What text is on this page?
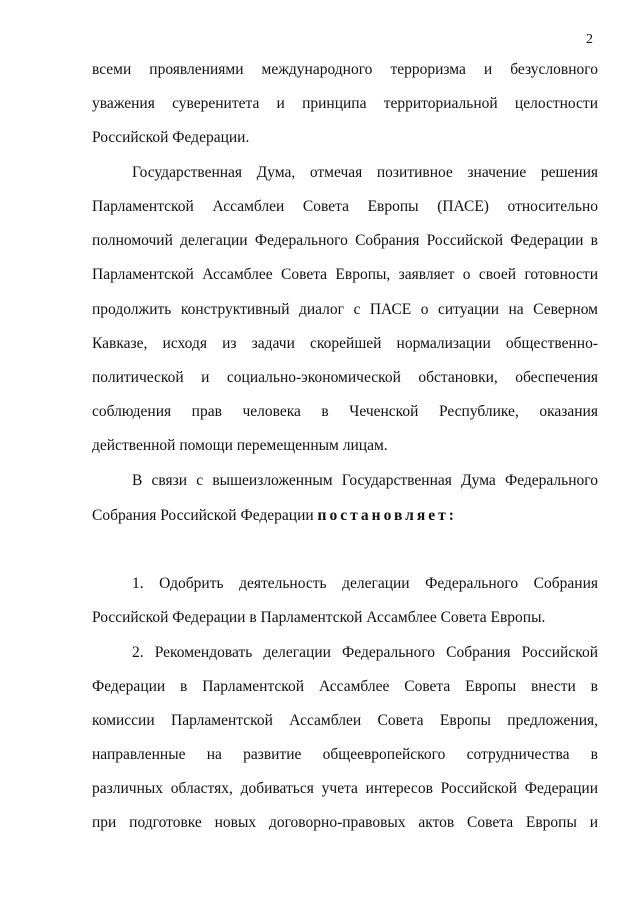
2
всеми проявлениями международного терроризма и безусловного
уважения суверенитета и принципа территориальной целостности
Российской Федерации.
Государственная Дума, отмечая позитивное значение решения
Парламентской Ассамблеи Совета Европы (ПАСЕ) относительно
полномочий делегации Федерального Собрания Российской Федерации в
Парламентской Ассамблее Совета Европы, заявляет о своей готовности
продолжить конструктивный диалог с ПАСЕ о ситуации на Северном
Кавказе, исходя из задачи скорейшей нормализации общественно-
политической и социально-экономической обстановки, обеспечения
соблюдения прав человека в Чеченской Республике, оказания
действенной помощи перемещенным лицам.
В связи с вышеизложенным Государственная Дума Федерального
Собрания Российской Федерации постановляет:
1. Одобрить деятельность делегации Федерального Собрания
Российской Федерации в Парламентской Ассамблее Совета Европы.
2. Рекомендовать делегации Федерального Собрания Российской
Федерации в Парламентской Ассамблее Совета Европы внести в
комиссии Парламентской Ассамблеи Совета Европы предложения,
направленные на развитие общеевропейского сотрудничества в
различных областях, добиваться учета интересов Российской Федерации
при подготовке новых договорно-правовых актов Совета Европы и
